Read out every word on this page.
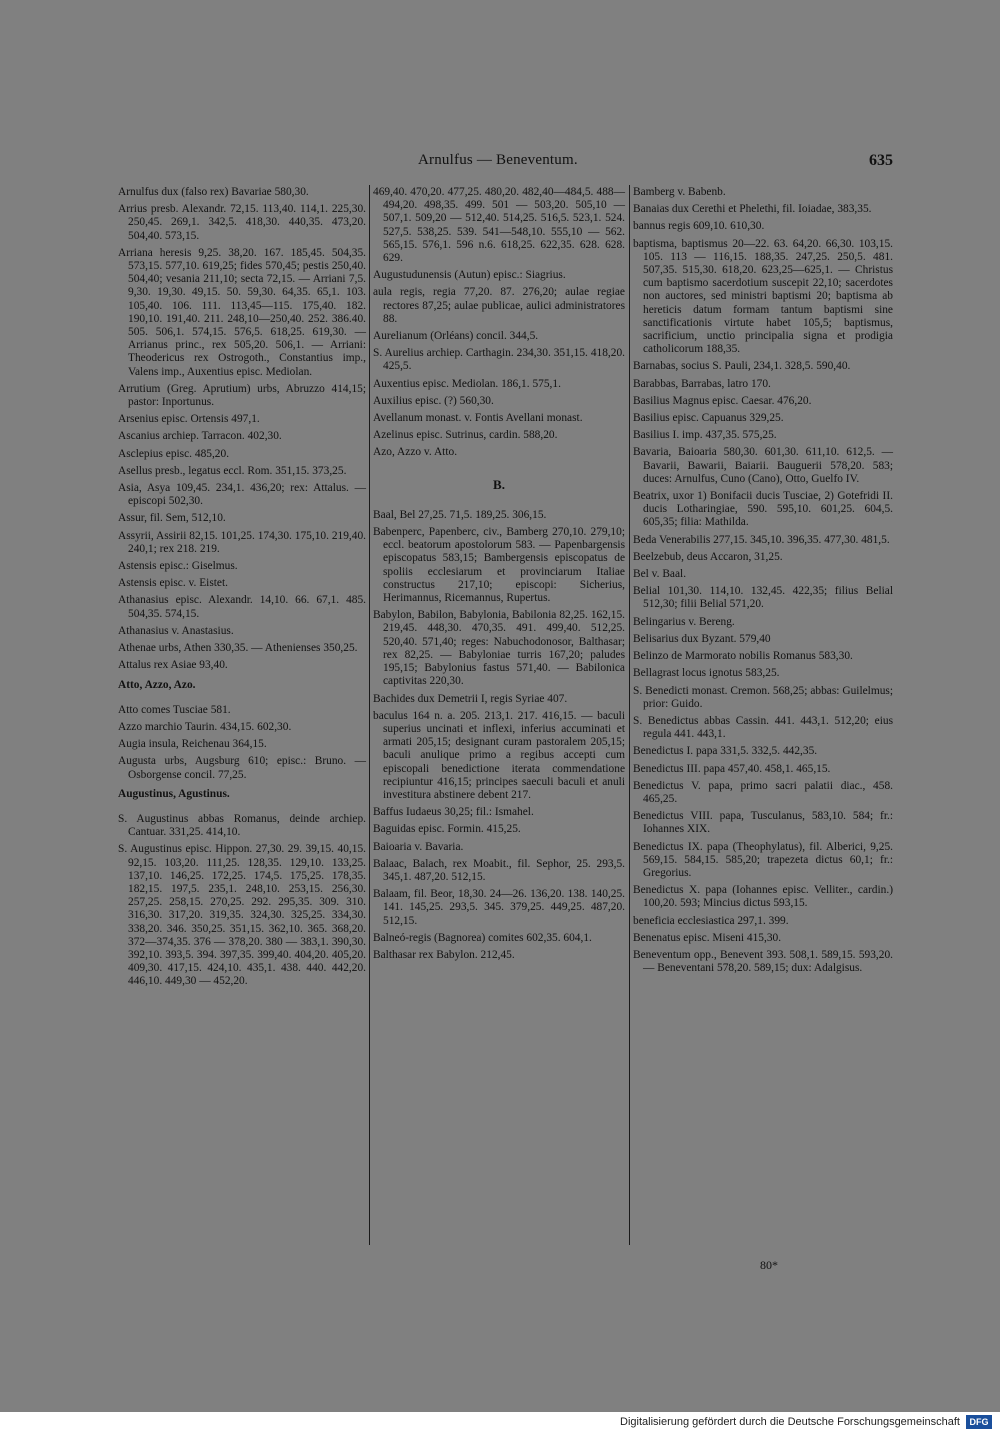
Arnulfus — Beneventum.	635
Arnulfus dux (falso rex) Bavariae 580,30.
Arrius presb. Alexandr. 72,15. 113,40. 114,1. 225,30. 250,45. 269,1. 342,5. 418,30. 440,35. 473,20. 504,40. 573,15.
Arriana heresis 9,25. 38,20. 167. 185,45. 504,35. 573,15. 577,10. 619,25; fides 570,45; pestis 250,40. 504,40; vesania 211,10; secta 72,15. — Arriani 7,5. 9,30. 19,30. 49,15. 50. 59,30. 64,35. 65,1. 103. 105,40. 106. 111. 113,45—115. 175,40. 182. 190,10. 191,40. 211. 248,10—250,40. 252. 386.40. 505. 506,1. 574,15. 576,5. 618,25. 619,30. — Arrianus princ., rex 505,20. 506,1. — Arriani: Theodericus rex Ostrogoth., Constantius imp., Valens imp., Auxentius episc. Mediolan.
Arrutium (Greg. Aprutium) urbs, Abruzzo 414,15; pastor: Inportunus.
Arsenius episc. Ortensis 497,1.
Ascanius archiep. Tarracon. 402,30.
Asclepius episc. 485,20.
Asellus presb., legatus eccl. Rom. 351,15. 373,25.
Asia, Asya 109,45. 234,1. 436,20; rex: Attalus. — episcopi 502,30.
Assur, fil. Sem, 512,10.
Assyrii, Assirii 82,15. 101,25. 174,30. 175,10. 219,40. 240,1; rex 218. 219.
Astensis episc.: Giselmus.
Astensis episc. v. Eistet.
Athanasius episc. Alexandr. 14,10. 66. 67,1. 485. 504,35. 574,15.
Athanasius v. Anastasius.
Athenae urbs, Athen 330,35. — Athenienses 350,25.
Attalus rex Asiae 93,40.
Atto, Azzo, Azo.
Atto comes Tusciae 581.
Azzo marchio Taurin. 434,15. 602,30.
Augia insula, Reichenau 364,15.
Augusta urbs, Augsburg 610; episc.: Bruno. — Osborgense concil. 77,25.
Augustinus, Agustinus.
S. Augustinus abbas Romanus, deinde archiep. Cantuar. 331,25. 414,10.
S. Augustinus episc. Hippon. 27,30. 29. 39,15. 40,15. 92,15. 103,20. 111,25. 128,35. 129,10. 133,25. 137,10. 146,25. 172,25. 174,5. 175,25. 178,35. 182,15. 197,5. 235,1. 248,10. 253,15. 256,30. 257,25. 258,15. 270,25. 292. 295,35. 309. 310. 316,30. 317,20. 319,35. 324,30. 325,25. 334,30. 338,20. 346. 350,25. 351,15. 362,10. 365. 368,20. 372—374,35. 376 — 378,20. 380 — 383,1. 390,30. 392,10. 393,5. 394. 397,35. 399,40. 404,20. 405,20. 409,30. 417,15. 424,10. 435,1. 438. 440. 442,20. 446,10. 449,30 — 452,20.
469,40. 470,20. 477,25. 480,20. 482,40—484,5. 488—494,20. 498,35. 499. 501 — 503,20. 505,10 — 507,1. 509,20 — 512,40. 514,25. 516,5. 523,1. 524. 527,5. 538,25. 539. 541—548,10. 555,10 — 562. 565,15. 576,1. 596 n.6. 618,25. 622,35. 628. 628. 629.
Augustudunensis (Autun) episc.: Siagrius.
aula regis, regia 77,20. 87. 276,20; aulae regiae rectores 87,25; aulae publicae, aulici administratores 88.
Aurelianum (Orléans) concil. 344,5.
S. Aurelius archiep. Carthagin. 234,30. 351,15. 418,20. 425,5.
Auxentius episc. Mediolan. 186,1. 575,1.
Auxilius episc. (?) 560,30.
Avellanum monast. v. Fontis Avellani monast.
Azelinus episc. Sutrinus, cardin. 588,20.
Azo, Azzo v. Atto.
B.
Baal, Bel 27,25. 71,5. 189,25. 306,15.
Babenperc, Papenberc, civ., Bamberg 270,10. 279,10; eccl. beatorum apostolorum 583. — Papenbargensis episcopatus 583,15; Bambergensis episcopatus de spoliis ecclesiarum et provinciarum Italiae constructus 217,10; episcopi: Sicherius, Herimannus, Ricemannus, Rupertus.
Babylon, Babilon, Babylonia, Babilonia 82,25. 162,15. 219,45. 448,30. 470,35. 491. 499,40. 512,25. 520,40. 571,40; reges: Nabuchodonosor, Balthasar; rex 82,25. — Babyloniae turris 167,20; paludes 195,15; Babylonius fastus 571,40. — Babilonica captivitas 220,30.
Bachides dux Demetrii I, regis Syriae 407.
baculus 164 n. a. 205. 213,1. 217. 416,15. — baculi superius uncinati et inflexi, inferius accuminati et armati 205,15; designant curam pastoralem 205,15; baculi anulique primo a regibus accepti cum episcopali benedictione iterata commendatione recipiuntur 416,15; principes saeculi baculi et anuli investitura abstinere debent 217.
Baffus Iudaeus 30,25; fil.: Ismahel.
Baguidas episc. Formin. 415,25.
Baioaria v. Bavaria.
Balaac, Balach, rex Moabit., fil. Sephor, 25. 293,5. 345,1. 487,20. 512,15.
Balaam, fil. Beor, 18,30. 24—26. 136,20. 138. 140,25. 141. 145,25. 293,5. 345. 379,25. 449,25. 487,20. 512,15.
Balneó-regis (Bagnorea) comites 602,35. 604,1.
Balthasar rex Babylon. 212,45.
Bamberg v. Babenb.
Banaias dux Cerethi et Phelethi, fil. Ioiadae, 383,35.
bannus regis 609,10. 610,30.
baptisma, baptismus 20—22. 63. 64,20. 66,30. 103,15. 105. 113 — 116,15. 188,35. 247,25. 250,5. 481. 507,35. 515,30. 618,20. 623,25—625,1. — Christus cum baptismo sacerdotium suscepit 22,10; sacerdotes non auctores, sed ministri baptismi 20; baptisma ab hereticis datum formam tantum baptismi sine sanctificationis virtute habet 105,5; baptismus, sacrificium, unctio principalia signa et prodigia catholicorum 188,35.
Barnabas, socius S. Pauli, 234,1. 328,5. 590,40.
Barabbas, Barrabas, latro 170.
Basilius Magnus episc. Caesar. 476,20.
Basilius episc. Capuanus 329,25.
Basilius I. imp. 437,35. 575,25.
Bavaria, Baioaria 580,30. 601,30. 611,10. 612,5. — Bavarii, Bawarii, Baiarii. Bauguerii 578,20. 583; duces: Arnulfus, Cuno (Cano), Otto, Guelfo IV.
Beatrix, uxor 1) Bonifacii ducis Tusciae, 2) Gotefridi II. ducis Lotharingiae, 590. 595,10. 601,25. 604,5. 605,35; filia: Mathilda.
Beda Venerabilis 277,15. 345,10. 396,35. 477,30. 481,5.
Beelzebub, deus Accaron, 31,25.
Bel v. Baal.
Belial 101,30. 114,10. 132,45. 422,35; filius Belial 512,30; filii Belial 571,20.
Belingarius v. Bereng.
Belisarius dux Byzant. 579,40
Belinzo de Marmorato nobilis Romanus 583,30.
Bellagrast locus ignotus 583,25.
S. Benedicti monast. Cremon. 568,25; abbas: Guilelmus; prior: Guido.
S. Benedictus abbas Cassin. 441. 443,1. 512,20; eius regula 441. 443,1.
Benedictus I. papa 331,5. 332,5. 442,35.
Benedictus III. papa 457,40. 458,1. 465,15.
Benedictus V. papa, primo sacri palatii diac., 458. 465,25.
Benedictus VIII. papa, Tusculanus, 583,10. 584; fr.: Iohannes XIX.
Benedictus IX. papa (Theophylatus), fil. Alberici, 9,25. 569,15. 584,15. 585,20; trapezeta dictus 60,1; fr.: Gregorius.
Benedictus X. papa (Iohannes episc. Velliter., cardin.) 100,20. 593; Mincius dictus 593,15.
beneficia ecclesiastica 297,1. 399.
Benenatus episc. Miseni 415,30.
Beneventum opp., Benevent 393. 508,1. 589,15. 593,20. — Beneventani 578,20. 589,15; dux: Adalgisus.
80*
Digitalisierung gefördert durch die Deutsche Forschungsgemeinschaft	DFG
